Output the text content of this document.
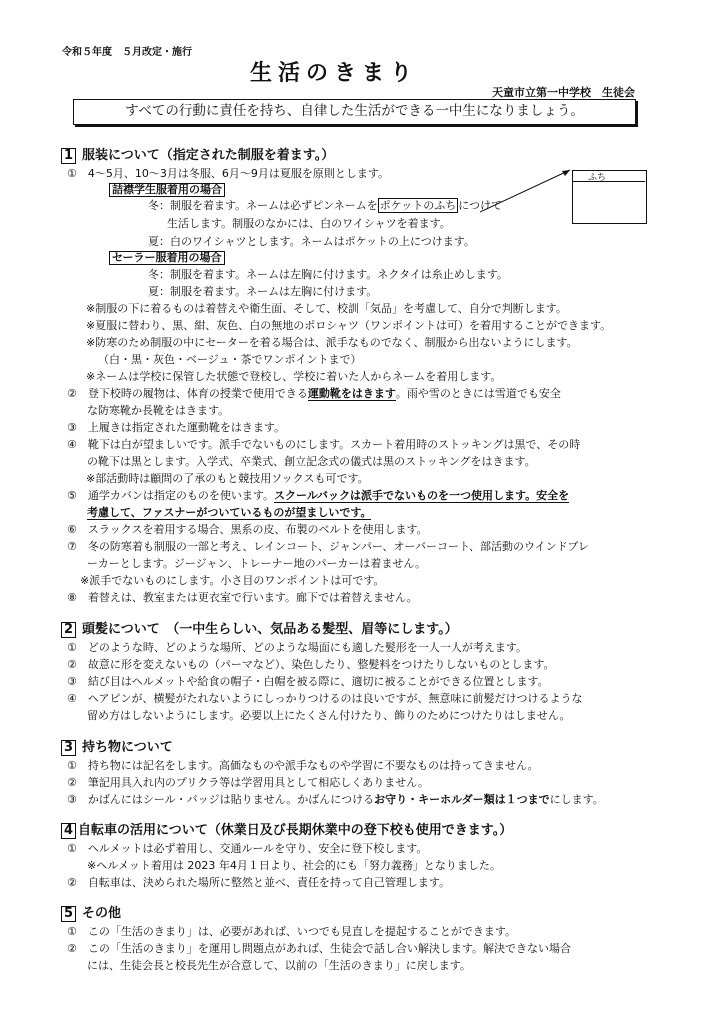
令和５年度　５月改定・施行
生活のきまり
天童市立第一中学校　生徒会
すべての行動に責任を持ち、自律した生活ができる一中生になりましょう。
ふち
1 服装について（指定された制服を着ます。）
①　4～5月、10～3月は冬服、6月～9月は夏服を原則とします。
詰襟学生服着用の場合
冬：制服を着ます。ネームは必ずピンネームを ポケットのふち につけて
生活します。制服のなかには、白のワイシャツを着ます。
夏：白のワイシャツとします。ネームはポケットの上につけます。
セーラー服着用の場合
冬：制服を着ます。ネームは左胸に付けます。ネクタイは糸止めします。
夏：制服を着ます。ネームは左胸に付けます。
※制服の下に着るものは着替えや衛生面、そして、校訓「気品」を考慮して、自分で判断します。
※夏服に替わり、黒、紺、灰色、白の無地のポロシャツ（ワンポイントは可）を着用することができます。
※防寒のため制服の中にセーターを着る場合は、派手なものでなく、制服から出ないようにします。
（白・黒・灰色・ベージュ・茶でワンポイントまで）
※ネームは学校に保管した状態で登校し、学校に着いた人からネームを着用します。
②　登下校時の履物は、体育の授業で使用できる運動靴をはきます。雨や雪のときには雪道でも安全
な防寒靴か長靴をはきます。
③　上履きは指定された運動靴をはきます。
④　靴下は白が望ましいです。派手でないものにします。スカート着用時のストッキングは黒で、その時
の靴下は黒とします。入学式、卒業式、創立記念式の儀式は黒のストッキングをはきます。
※部活動時は顧問の了承のもと競技用ソックスも可です。
⑤　通学カバンは指定のものを使います。スクールバックは派手でないものを一つ使用します。安全を
考慮して、ファスナーがついているものが望ましいです。
⑥　スラックスを着用する場合、黒系の皮、布製のベルトを使用します。
⑦　冬の防寒着も制服の一部と考え、レインコート、ジャンパー、オーバーコート、部活動のウインドブレ
ーカーとします。ジージャン、トレーナー地のパーカーは着ません。
※派手でないものにします。小さ目のワンポイントは可です。
⑧　着替えは、教室または更衣室で行います。廊下では着替えません。
2 頭髪について　（一中生らしい、気品ある髪型、眉等にします。）
①　どのような時、どのような場所、どのような場面にも適した髪形を一人一人が考えます。
②　故意に形を変えないもの（パーマなど）、染色したり、整髪料をつけたりしないものとします。
③　結び目はヘルメットや給食の帽子・白帽を被る際に、適切に被ることができる位置とします。
④　ヘアピンが、横髪がたれないようにしっかりつけるのは良いですが、無意味に前髪だけつけるような
留め方はしないようにします。必要以上にたくさん付けたり、飾りのためにつけたりはしません。
3 持ち物について
①　持ち物には記名をします。高価なものや派手なものや学習に不要なものは持ってきません。
②　筆記用具入れ内のプリクラ等は学習用具として相応しくありません。
③　かばんにはシール・バッジは貼りません。かばんにつけるお守り・キーホルダー類は１つまでにします。
4 自転車の活用について（休業日及び長期休業中の登下校も使用できます。）
①　ヘルメットは必ず着用し、交通ルールを守り、安全に登下校します。
※ヘルメット着用は 2023 年4月１日より、社会的にも「努力義務」となりました。
②　自転車は、決められた場所に整然と並べ、責任を持って自己管理します。
5 その他
①　この「生活のきまり」は、必要があれば、いつでも見直しを提起することができます。
②　この「生活のきまり」を運用し問題点があれば、生徒会で話し合い解決します。解決できない場合
には、生徒会長と校長先生が合意して、以前の「生活のきまり」に戻します。
